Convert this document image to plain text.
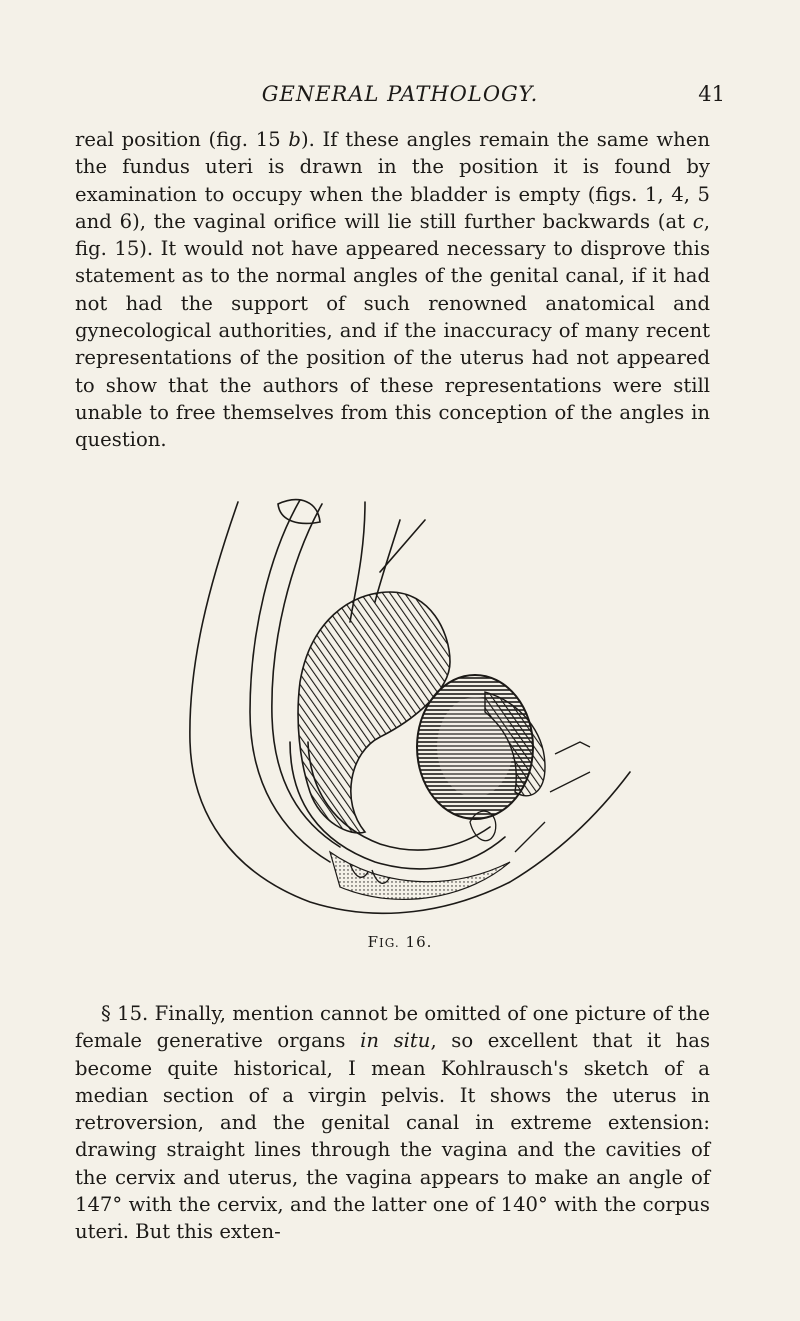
GENERAL PATHOLOGY.	41

real position (fig. 15 b). If these angles remain the same when the fundus uteri is drawn in the position it is found by examination to occupy when the bladder is empty (figs. 1, 4, 5 and 6), the vaginal orifice will lie still further backwards (at c, fig. 15). It would not have appeared necessary to disprove this statement as to the normal angles of the genital canal, if it had not had the support of such renowned anatomical and gynecological authorities, and if the inaccuracy of many recent representations of the position of the uterus had not appeared to show that the authors of these representations were still unable to free themselves from this conception of the angles in question.

FIG. 16.

§ 15. Finally, mention cannot be omitted of one picture of the female generative organs in situ, so excellent that it has become quite historical, I mean Kohlrausch's sketch of a median section of a virgin pelvis. It shows the uterus in retroversion, and the genital canal in extreme extension: drawing straight lines through the vagina and the cavities of the cervix and uterus, the vagina appears to make an angle of 147° with the cervix, and the latter one of 140° with the corpus uteri. But this exten-
